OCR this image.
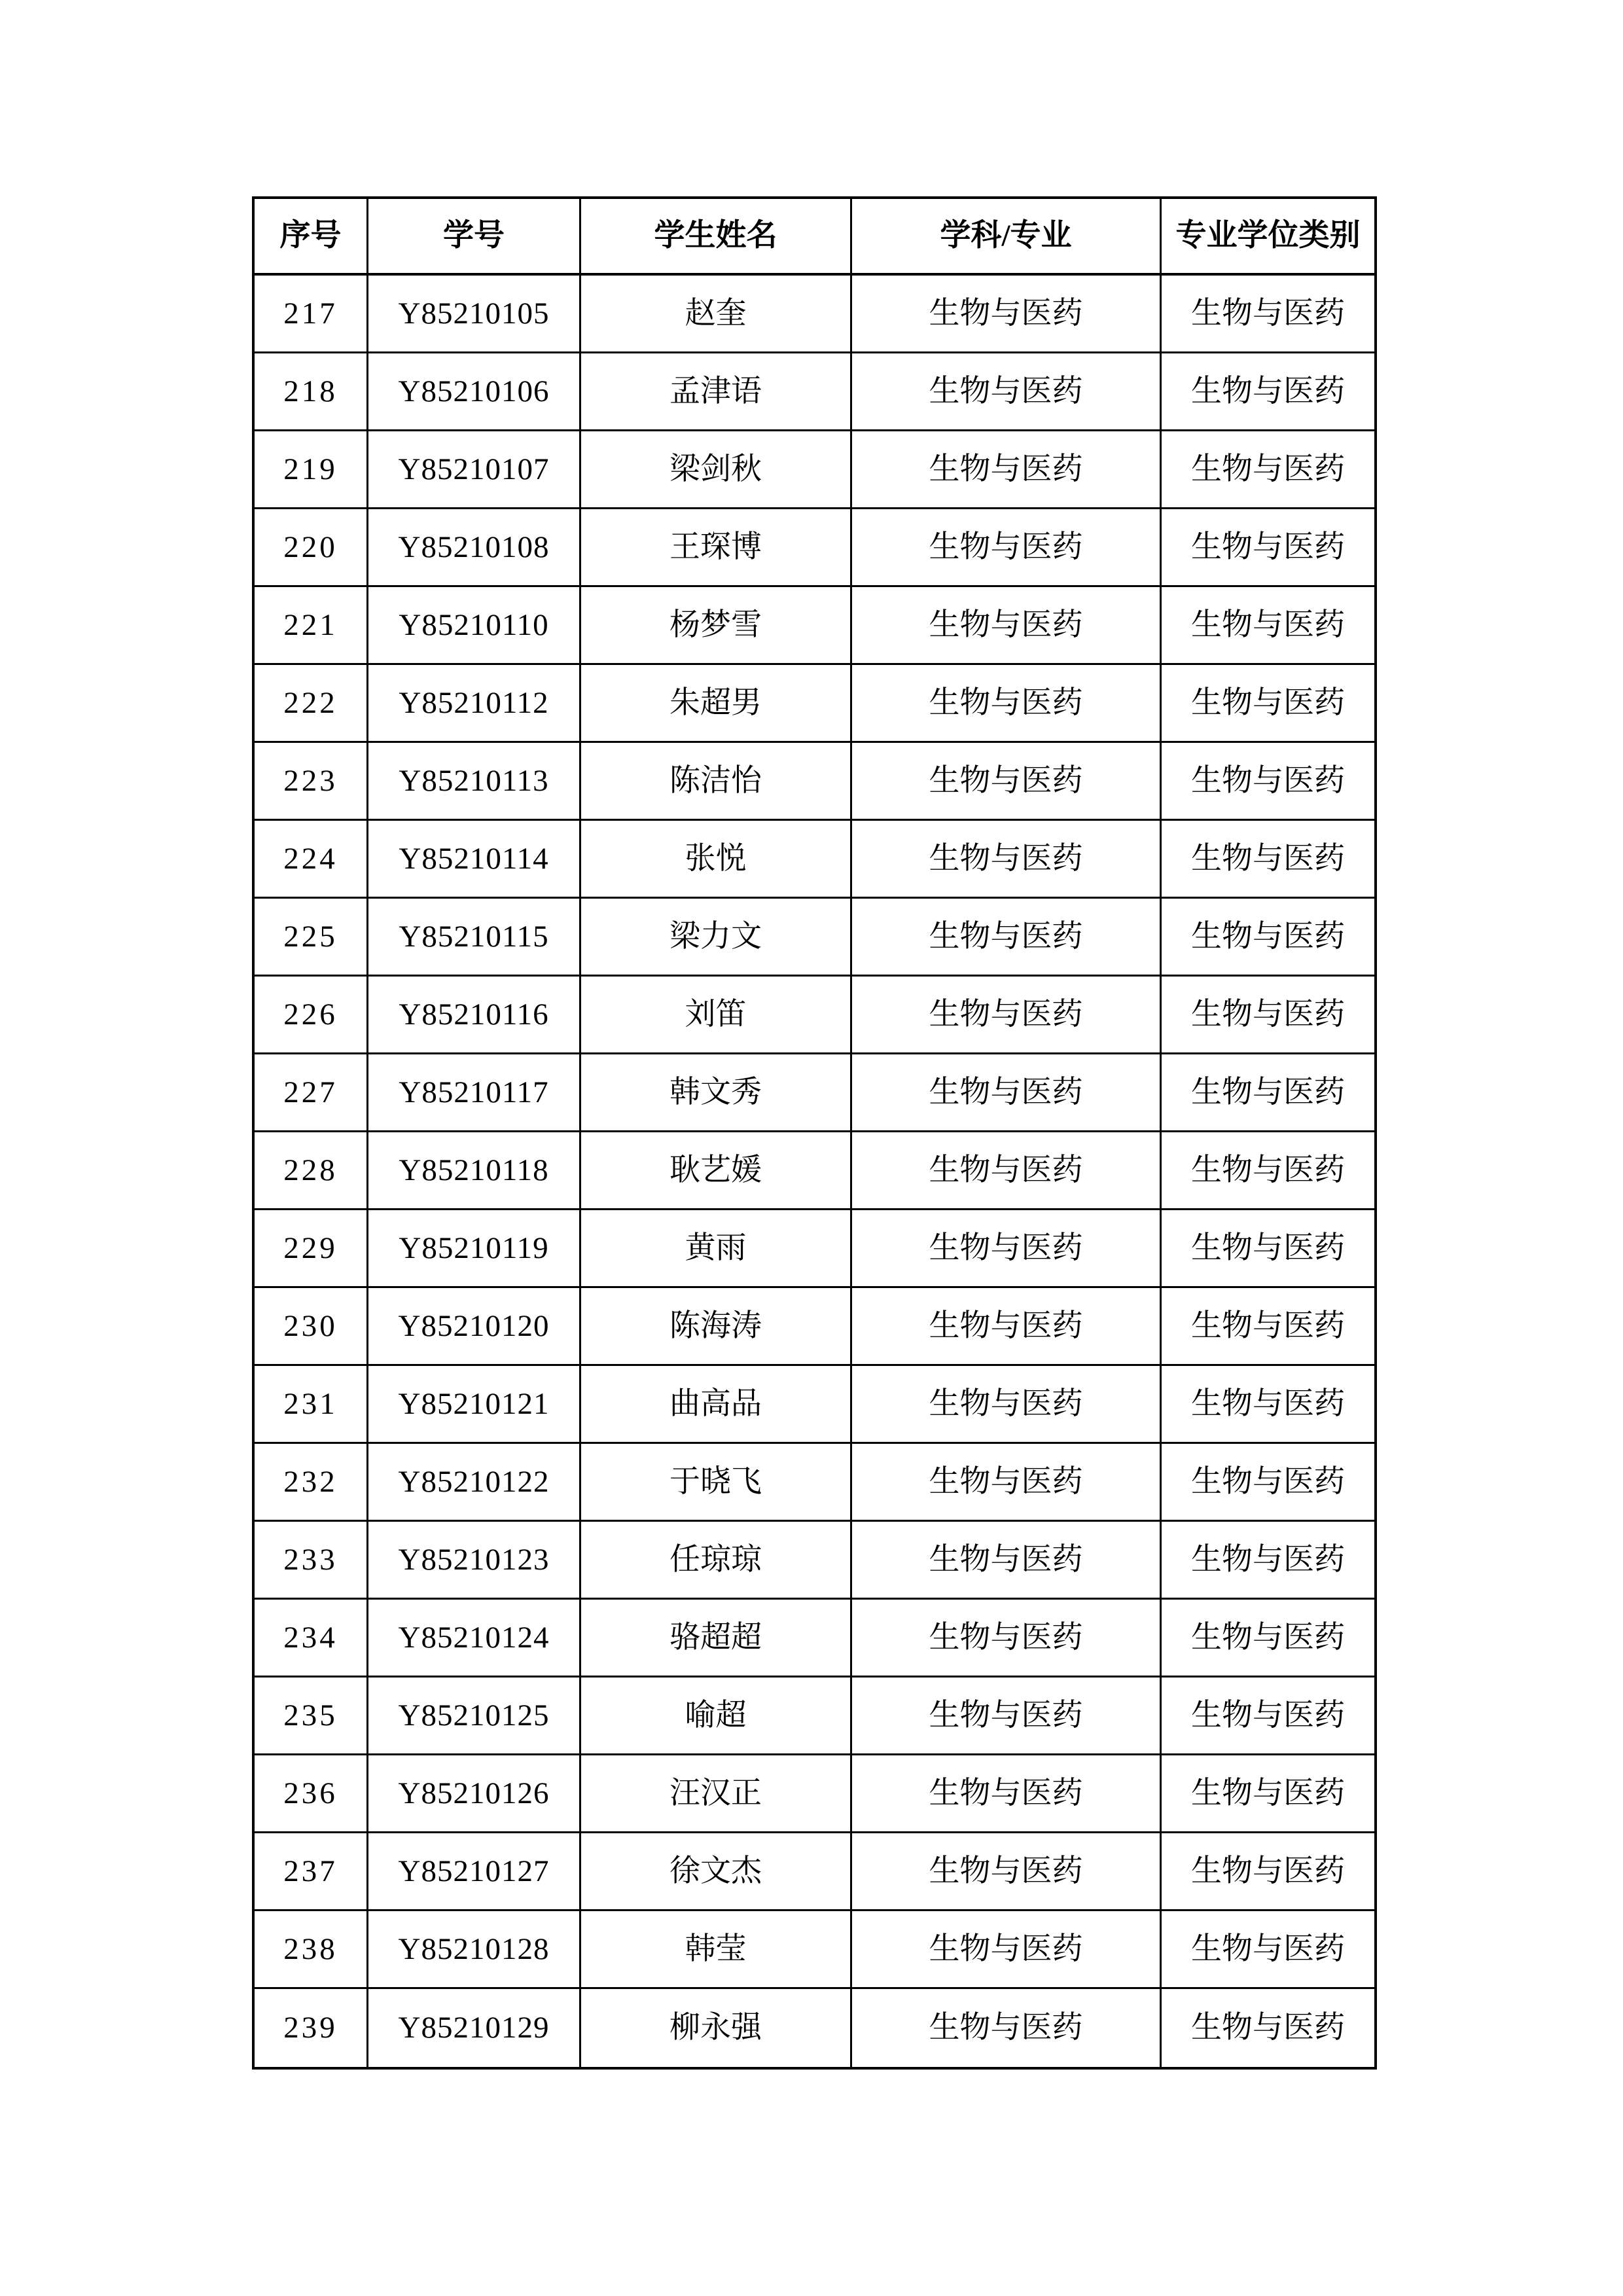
序号	学号	学生姓名	学科/专业	专业学位类别
217	Y85210105	赵奎	生物与医药	生物与医药
218	Y85210106	孟津语	生物与医药	生物与医药
219	Y85210107	梁剑秋	生物与医药	生物与医药
220	Y85210108	王琛博	生物与医药	生物与医药
221	Y85210110	杨梦雪	生物与医药	生物与医药
222	Y85210112	朱超男	生物与医药	生物与医药
223	Y85210113	陈洁怡	生物与医药	生物与医药
224	Y85210114	张悦	生物与医药	生物与医药
225	Y85210115	梁力文	生物与医药	生物与医药
226	Y85210116	刘笛	生物与医药	生物与医药
227	Y85210117	韩文秀	生物与医药	生物与医药
228	Y85210118	耿艺媛	生物与医药	生物与医药
229	Y85210119	黄雨	生物与医药	生物与医药
230	Y85210120	陈海涛	生物与医药	生物与医药
231	Y85210121	曲高品	生物与医药	生物与医药
232	Y85210122	于晓飞	生物与医药	生物与医药
233	Y85210123	任琼琼	生物与医药	生物与医药
234	Y85210124	骆超超	生物与医药	生物与医药
235	Y85210125	喻超	生物与医药	生物与医药
236	Y85210126	汪汉正	生物与医药	生物与医药
237	Y85210127	徐文杰	生物与医药	生物与医药
238	Y85210128	韩莹	生物与医药	生物与医药
239	Y85210129	柳永强	生物与医药	生物与医药
